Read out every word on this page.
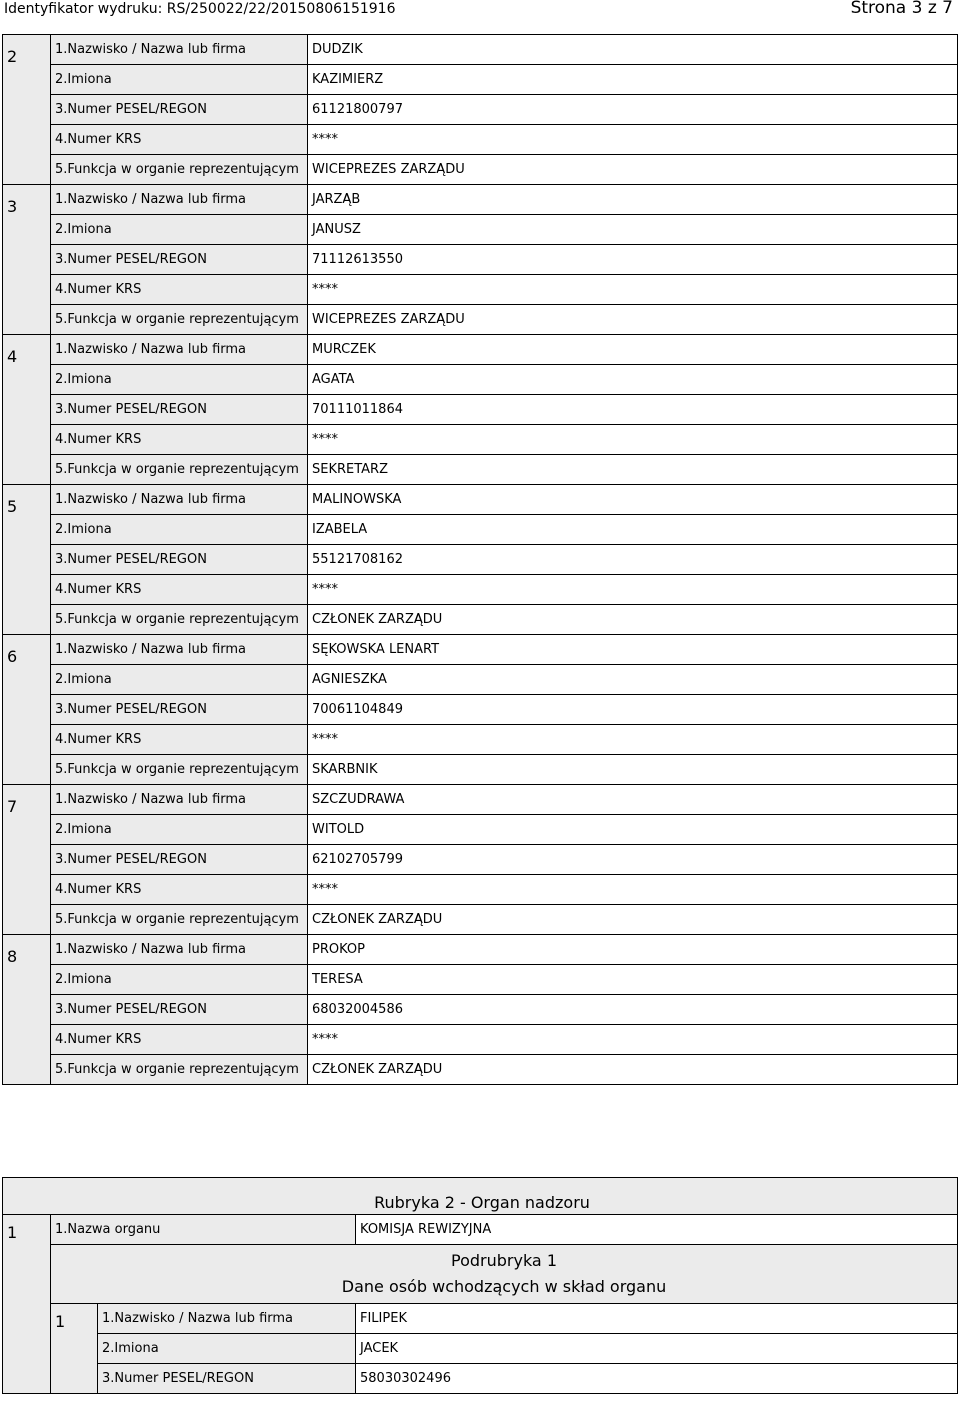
Identyfikator wydruku: RS/250022/22/20150806151916	Strona 3 z 7
2	1.Nazwisko / Nazwa lub firma	DUDZIK
	2.Imiona	KAZIMIERZ
	3.Numer PESEL/REGON	61121800797
	4.Numer KRS	****
	5.Funkcja w organie reprezentującym	WICEPREZES ZARZĄDU
3	1.Nazwisko / Nazwa lub firma	JARZĄB
	2.Imiona	JANUSZ
	3.Numer PESEL/REGON	71112613550
	4.Numer KRS	****
	5.Funkcja w organie reprezentującym	WICEPREZES ZARZĄDU
4	1.Nazwisko / Nazwa lub firma	MURCZEK
	2.Imiona	AGATA
	3.Numer PESEL/REGON	70111011864
	4.Numer KRS	****
	5.Funkcja w organie reprezentującym	SEKRETARZ
5	1.Nazwisko / Nazwa lub firma	MALINOWSKA
	2.Imiona	IZABELA
	3.Numer PESEL/REGON	55121708162
	4.Numer KRS	****
	5.Funkcja w organie reprezentującym	CZŁONEK ZARZĄDU
6	1.Nazwisko / Nazwa lub firma	SĘKOWSKA LENART
	2.Imiona	AGNIESZKA
	3.Numer PESEL/REGON	70061104849
	4.Numer KRS	****
	5.Funkcja w organie reprezentującym	SKARBNIK
7	1.Nazwisko / Nazwa lub firma	SZCZUDRAWA
	2.Imiona	WITOLD
	3.Numer PESEL/REGON	62102705799
	4.Numer KRS	****
	5.Funkcja w organie reprezentującym	CZŁONEK ZARZĄDU
8	1.Nazwisko / Nazwa lub firma	PROKOP
	2.Imiona	TERESA
	3.Numer PESEL/REGON	68032004586
	4.Numer KRS	****
	5.Funkcja w organie reprezentującym	CZŁONEK ZARZĄDU
Rubryka 2 - Organ nadzoru			
1	1.Nazwa organu		KOMISJA REWIZYJNA

	Podrubryka 1
Dane osób wchodzących w skład organu		

	1	1.Nazwisko / Nazwa lub firma	FILIPEK
		2.Imiona	JACEK
		3.Numer PESEL/REGON	58030302496
